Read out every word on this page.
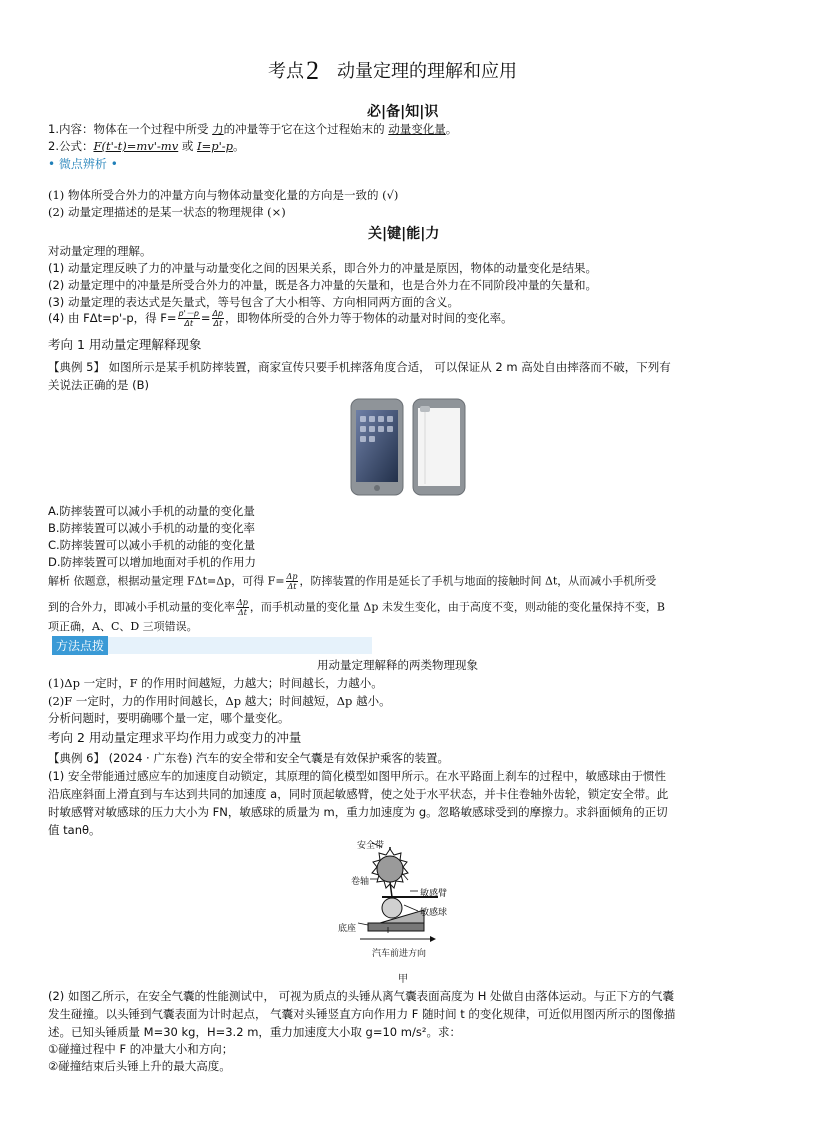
考点2 动量定理的理解和应用
必|备|知|识
1.内容：物体在一个过程中所受 力的冲量等于它在这个过程始末的 动量变化量。
2.公式：F(t'-t)=mv'-mv 或 I=p'-p。
• 微点辨析 •
(1) 物体所受合外力的冲量方向与物体动量变化量的方向是一致的 (√)
(2) 动量定理描述的是某一状态的物理规律 (×)
关|键|能|力
对动量定理的理解。
(1) 动量定理反映了力的冲量与动量变化之间的因果关系，即合外力的冲量是原因，物体的动量变化是结果。
(2) 动量定理中的冲量是所受合外力的冲量，既是各力冲量的矢量和，也是合外力在不同阶段冲量的矢量和。
(3) 动量定理的表达式是矢量式，等号包含了大小相等、方向相同两方面的含义。
(4) 由 FΔt=p'-p，得 $F= \frac{p'-p}{\Delta t} = \frac{\Delta p}{\Delta t}$ ，即物体所受的合外力等于物体的动量对时间的变化率。
考向 1 用动量定理解释现象
【典例 5】 如图所示是某手机防摔装置，商家宣传只要手机摔落角度合适， 可以保证从 2 m 高处自由摔落而不破，下列有
关说法正确的是 (B)
A.防摔装置可以减小手机的动量的变化量
B.防摔装置可以减小手机的动量的变化率
C.防摔装置可以减小手机的动能的变化量
D.防摔装置可以增加地面对手机的作用力
解析 依题意，根据动量定理 FΔt=Δp，可得 $F= \frac{\Delta p}{\Delta t}$ ，防摔装置的作用是延长了手机与地面的接触时间 Δt，从而减小手机所受
到的合外力，即减小手机动量的变化率 $\frac{\Delta p}{\Delta t}$ ，而手机动量的变化量 Δp 未发生变化，由于高度不变，则动能的变化量保持不变，B
项正确，A、C、D 三项错误。
方法点拨
用动量定理解释的两类物理现象
(1)Δp 一定时，F 的作用时间越短，力越大；时间越长，力越小。
(2)F 一定时，力的作用时间越长，Δp 越大；时间越短，Δp 越小。
分析问题时，要明确哪个量一定，哪个量变化。
考向 2 用动量定理求平均作用力或变力的冲量
【典例 6】 (2024 · 广东卷) 汽车的安全带和安全气囊是有效保护乘客的装置。
(1) 安全带能通过感应车的加速度自动锁定，其原理的简化模型如图甲所示。在水平路面上刹车的过程中，敏感球由于惯性
沿底座斜面上滑直到与车达到共同的加速度 a，同时顶起敏感臂，使之处于水平状态，并卡住卷轴外齿轮，锁定安全带。此
时敏感臂对敏感球的压力大小为 FN，敏感球的质量为 m，重力加速度为 g。忽略敏感球受到的摩擦力。求斜面倾角的正切
值 tanθ。
安全带
卷轴
敏感臂
敏感球
底座
汽车前进方向
甲
(2) 如图乙所示，在安全气囊的性能测试中， 可视为质点的头锤从离气囊表面高度为 H 处做自由落体运动。与正下方的气囊
发生碰撞。以头锤到气囊表面为计时起点， 气囊对头锤竖直方向作用力 F 随时间 t 的变化规律，可近似用图丙所示的图像描
述。已知头锤质量 M=30 kg，H=3.2 m，重力加速度大小取 g=10 m/s²。求：
①碰撞过程中 F 的冲量大小和方向；
②碰撞结束后头锤上升的最大高度。
